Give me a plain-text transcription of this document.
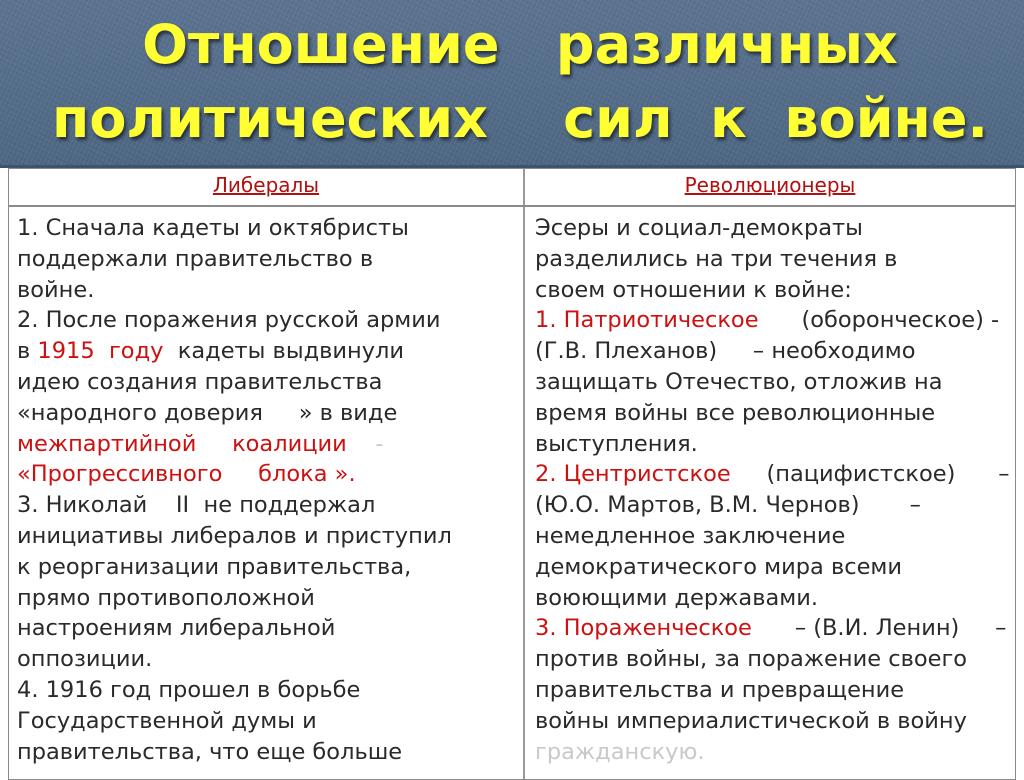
Отношение   различных
политических    сил  к  войне.
Либералы	Революционеры
1. Сначала кадеты и октябристы
поддержали правительство в
войне.
2. После поражения русской армии
в 1915  году  кадеты выдвинули
идею создания правительства
«народного доверия     » в виде
межпартийной     коалиции    -
«Прогрессивного     блока ».
3. Николай    II  не поддержал
инициативы либералов и приступил
к реорганизации правительства,
прямо противоположной
настроениям либеральной
оппозиции.
4. 1916 год прошел в борьбе
Государственной думы и
правительства, что еще больше
Эсеры и социал-демократы
разделились на три течения в
своем отношении к войне:
1. Патриотическое      (оборонческое) -
(Г.В. Плеханов)     – необходимо
защищать Отечество, отложив на
время войны все революционные
выступления.
2. Центристское     (пацифистское)      –
(Ю.О. Мартов, В.М. Чернов)       –
немедленное заключение
демократического мира всеми
воюющими державами.
3. Пораженческое      – (В.И. Ленин)     –
против войны, за поражение своего
правительства и превращение
войны империалистической в войну
гражданскую.
